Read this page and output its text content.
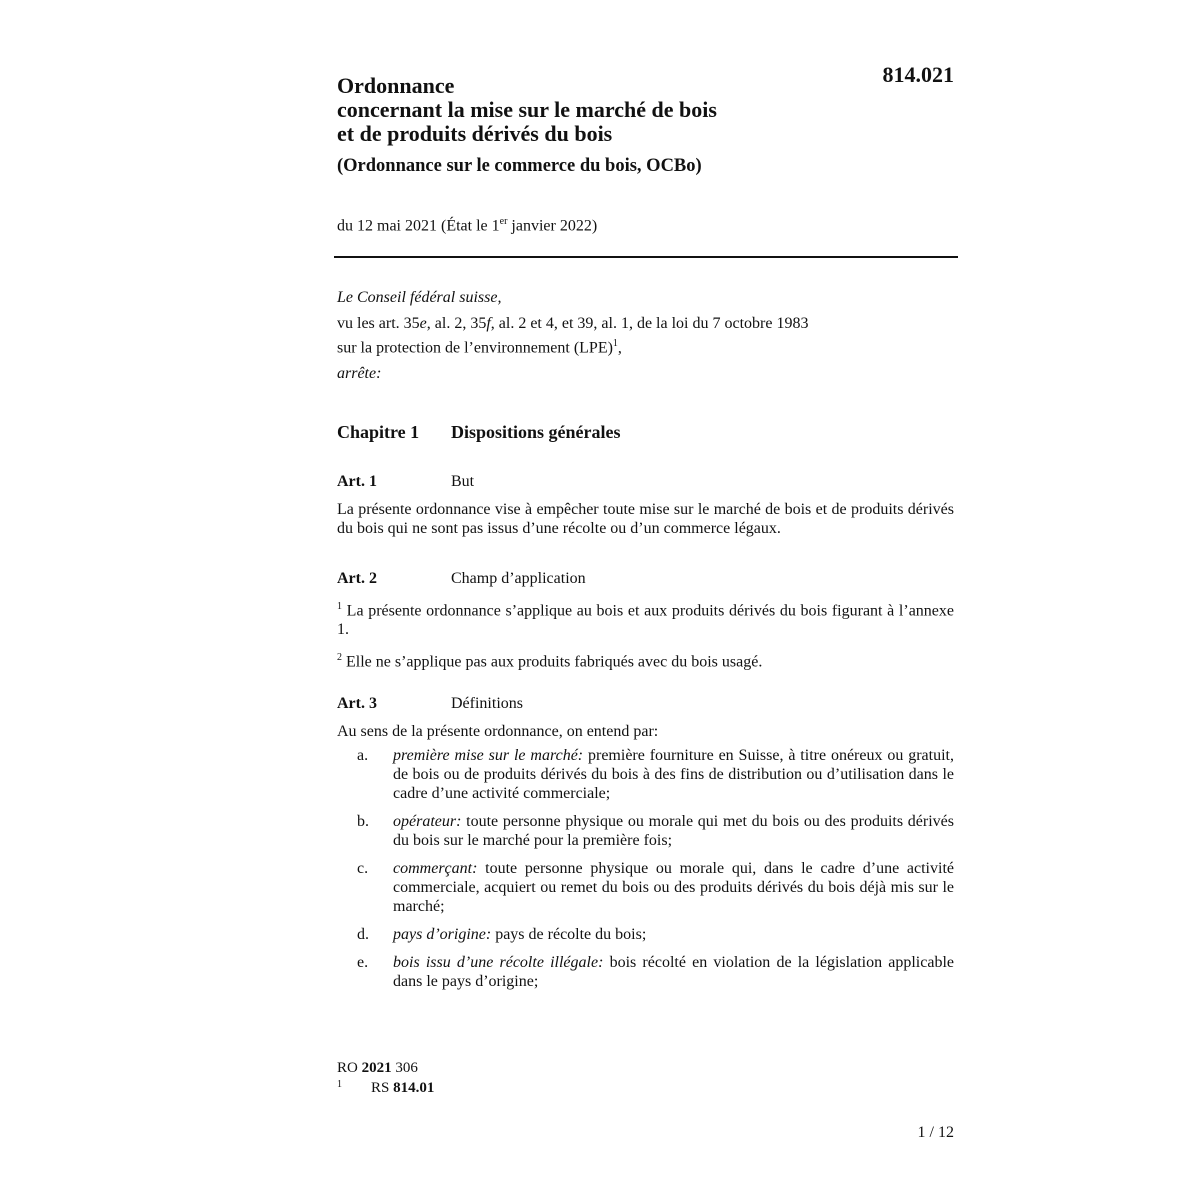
814.021
Ordonnance
concernant la mise sur le marché de bois
et de produits dérivés du bois
(Ordonnance sur le commerce du bois, OCBo)
du 12 mai 2021 (État le 1er janvier 2022)
Le Conseil fédéral suisse,
vu les art. 35e, al. 2, 35f, al. 2 et 4, et 39, al. 1, de la loi du 7 octobre 1983
sur la protection de l’environnement (LPE)$^1$,
arrête:
Chapitre 1 Dispositions générales
Art. 1	But
La présente ordonnance vise à empêcher toute mise sur le marché de bois et de produits dérivés du bois qui ne sont pas issus d’une récolte ou d’un commerce légaux.
Art. 2	Champ d’application
$^1$ La présente ordonnance s’applique au bois et aux produits dérivés du bois figurant à l’annexe 1.
$^2$ Elle ne s’applique pas aux produits fabriqués avec du bois usagé.
Art. 3	Définitions
Au sens de la présente ordonnance, on entend par:
a. première mise sur le marché: première fourniture en Suisse, à titre onéreux ou gratuit, de bois ou de produits dérivés du bois à des fins de distribution ou d’utilisation dans le cadre d’une activité commerciale;
b. opérateur: toute personne physique ou morale qui met du bois ou des produits dérivés du bois sur le marché pour la première fois;
c. commerçant: toute personne physique ou morale qui, dans le cadre d’une activité commerciale, acquiert ou remet du bois ou des produits dérivés du bois déjà mis sur le marché;
d. pays d’origine: pays de récolte du bois;
e. bois issu d’une récolte illégale: bois récolté en violation de la législation applicable dans le pays d’origine;
RO 2021 306
1 RS 814.01
1 / 12
